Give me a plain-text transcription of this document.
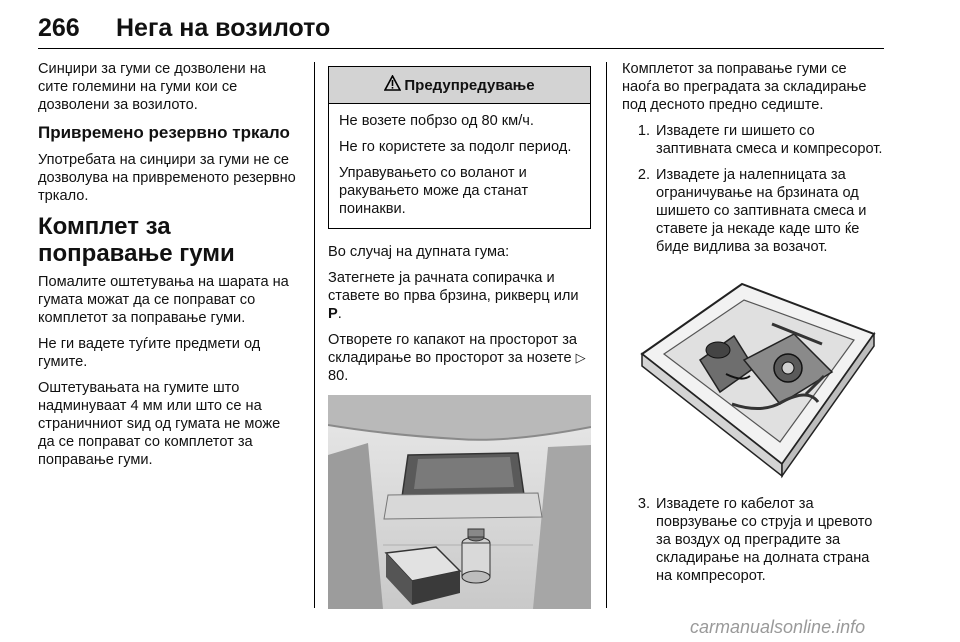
266 Нега на возилото

Синџири за гуми се дозволени на сите големини на гуми кои се дозволени за возилото.

Привремено резервно тркало

Употребата на синџири за гуми не се дозволува на привременото резервно тркало.

Комплет за поправање гуми

Помалите оштетувања на шарата на гумата можат да се поправат со комплетот за поправање гуми.

Не ги вадете туѓите предмети од гумите.

Оштетувањата на гумите што надминуваат 4 мм или што се на страничниот sид од гумата не може да се поправат со комплетот за поправање гуми.

Предупредување

Не возете побрзо од 80 км/ч.

Не го користете за подолг период.

Управувањето со воланот и ракувањето може да станат поинакви.

Во случај на дупната гума:

Затегнете ја рачната сопирачка и ставете во прва брзина, рикверц или P.

Отворете го капакот на просторот за складирање во просторот за нозете ▷ 80.

Комплетот за поправање гуми се наоѓа во преградата за складирање под десното предно седиште.

1. Извадете ги шишето со заптивната смеса и компресорот.
2. Извадете ја налепницата за ограничување на брзината од шишето со заптивната смеса и ставете ја некаде каде што ќе биде видлива за возачот.
3. Извадете го кабелот за поврзување со струја и цревото за воздух од преградите за складирање на долната страна на компресорот.
carmanualsonline.info
